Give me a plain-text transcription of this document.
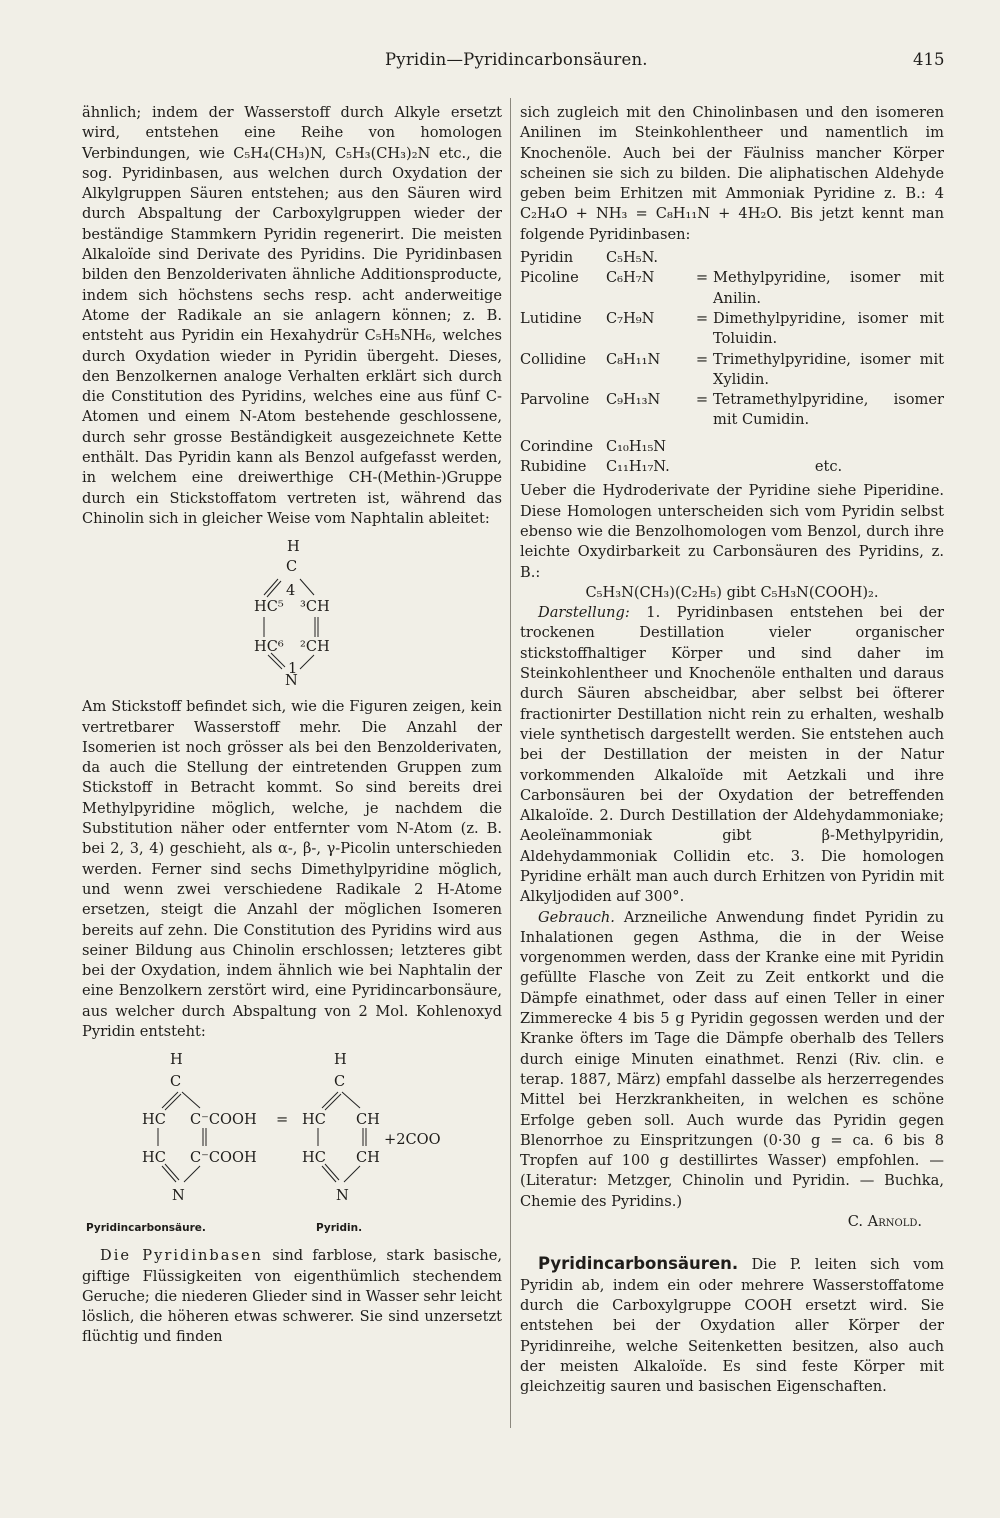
Pyridin—Pyridincarbonsäuren.	415

ähnlich; indem der Wasserstoff durch Alkyle ersetzt wird, entstehen eine Reihe von homologen Verbindungen, wie C₅H₄(CH₃)N, C₅H₃(CH₃)₂N etc., die sog. Pyridinbasen, aus welchen durch Oxydation der Alkylgruppen Säuren entstehen; aus den Säuren wird durch Abspaltung der Carboxylgruppen wieder der beständige Stammkern Pyridin regenerirt. Die meisten Alkaloïde sind Derivate des Pyridins. Die Pyridinbasen bilden den Benzolderivaten ähnliche Additionsproducte, indem sich höchstens sechs resp. acht anderweitige Atome der Radikale an sie anlagern können; z. B. entsteht aus Pyridin ein Hexahydrür C₅H₅NH₆, welches durch Oxydation wieder in Pyridin übergeht. Dieses, den Benzolkernen analoge Verhalten erklärt sich durch die Constitution des Pyridins, welches eine aus fünf C-Atomen und einem N-Atom bestehende geschlossene, durch sehr grosse Beständigkeit ausgezeichnete Kette enthält. Das Pyridin kann als Benzol aufgefasst werden, in welchem eine dreiwerthige CH-(Methin-)Gruppe durch ein Stickstoffatom vertreten ist, während das Chinolin sich in gleicher Weise vom Naphtalin ableitet:

H
C
4
HC⁵ ³CH
HC⁶ ²CH
1
N

Am Stickstoff befindet sich, wie die Figuren zeigen, kein vertretbarer Wasserstoff mehr. Die Anzahl der Isomerien ist noch grösser als bei den Benzolderivaten, da auch die Stellung der eintretenden Gruppen zum Stickstoff in Betracht kommt. So sind bereits drei Methylpyridine möglich, welche, je nachdem die Substitution näher oder entfernter vom N-Atom (z. B. bei 2, 3, 4) geschieht, als α-, β-, γ-Picolin unterschieden werden. Ferner sind sechs Dimethylpyridine möglich, und wenn zwei verschiedene Radikale 2 H-Atome ersetzen, steigt die Anzahl der möglichen Isomeren bereits auf zehn. Die Constitution des Pyridins wird aus seiner Bildung aus Chinolin erschlossen; letzteres gibt bei der Oxydation, indem ähnlich wie bei Naphtalin der eine Benzolkern zerstört wird, eine Pyridincarbonsäure, aus welcher durch Abspaltung von 2 Mol. Kohlenoxyd Pyridin entsteht:

H
C
HC C⁻COOH =
HC C⁻COOH
N
H
C
HC CH
HC CH
+2COO
N
Pyridincarbonsäure.	Pyridin.

Die Pyridinbasen sind farblose, stark basische, giftige Flüssigkeiten von eigenthümlich stechendem Geruche; die niederen Glieder sind in Wasser sehr leicht löslich, die höheren etwas schwerer. Sie sind unzersetzt flüchtig und finden

sich zugleich mit den Chinolinbasen und den isomeren Anilinen im Steinkohlentheer und namentlich im Knochenöle. Auch bei der Fäulniss mancher Körper scheinen sie sich zu bilden. Die aliphatischen Aldehyde geben beim Erhitzen mit Ammoniak Pyridine z. B.: 4 C₂H₄O + NH₃ = C₈H₁₁N + 4H₂O. Bis jetzt kennt man folgende Pyridinbasen:

Pyridin	C₅H₅N.		
Picoline	C₆H₇N	=	Methylpyridine, isomer mit Anilin.
Lutidine	C₇H₉N	=	Dimethylpyridine, isomer mit Toluidin.
Collidine	C₈H₁₁N	=	Trimethylpyridine, isomer mit Xylidin.
Parvoline	C₉H₁₃N	=	Tetramethylpyridine, isomer mit Cumidin.

Corindine	C₁₀H₁₅N		etc.
Rubidine	C₁₁H₁₇N.		

Ueber die Hydroderivate der Pyridine siehe Piperidine. Diese Homologen unterscheiden sich vom Pyridin selbst ebenso wie die Benzolhomologen vom Benzol, durch ihre leichte Oxydirbarkeit zu Carbonsäuren des Pyridins, z. B.:

C₅H₃N(CH₃)(C₂H₅) gibt C₅H₃N(COOH)₂.

Darstellung: 1. Pyridinbasen entstehen bei der trockenen Destillation vieler organischer stickstoffhaltiger Körper und sind daher im Steinkohlentheer und Knochenöle enthalten und daraus durch Säuren abscheidbar, aber selbst bei öfterer fractionirter Destillation nicht rein zu erhalten, weshalb viele synthetisch dargestellt werden. Sie entstehen auch bei der Destillation der meisten in der Natur vorkommenden Alkaloïde mit Aetzkali und ihre Carbonsäuren bei der Oxydation der betreffenden Alkaloïde. 2. Durch Destillation der Aldehydammoniake; Aeoleïnammoniak gibt β-Methylpyridin, Aldehydammoniak Collidin etc. 3. Die homologen Pyridine erhält man auch durch Erhitzen von Pyridin mit Alkyljodiden auf 300°.

Gebrauch. Arzneiliche Anwendung findet Pyridin zu Inhalationen gegen Asthma, die in der Weise vorgenommen werden, dass der Kranke eine mit Pyridin gefüllte Flasche von Zeit zu Zeit entkorkt und die Dämpfe einathmet, oder dass auf einen Teller in einer Zimmerecke 4 bis 5 g Pyridin gegossen werden und der Kranke öfters im Tage die Dämpfe oberhalb des Tellers durch einige Minuten einathmet. Renzi (Riv. clin. e terap. 1887, März) empfahl dasselbe als herzerregendes Mittel bei Herzkrankheiten, in welchen es schöne Erfolge geben soll. Auch wurde das Pyridin gegen Blenorrhoe zu Einspritzungen (0·30 g = ca. 6 bis 8 Tropfen auf 100 g destillirtes Wasser) empfohlen. — (Literatur: Metzger, Chinolin und Pyridin. — Buchka, Chemie des Pyridins.)

C. Arnold.

Pyridincarbonsäuren. Die P. leiten sich vom Pyridin ab, indem ein oder mehrere Wasserstoffatome durch die Carboxylgruppe COOH ersetzt wird. Sie entstehen bei der Oxydation aller Körper der Pyridinreihe, welche Seitenketten besitzen, also auch der meisten Alkaloïde. Es sind feste Körper mit gleichzeitig sauren und basischen Eigenschaften.
